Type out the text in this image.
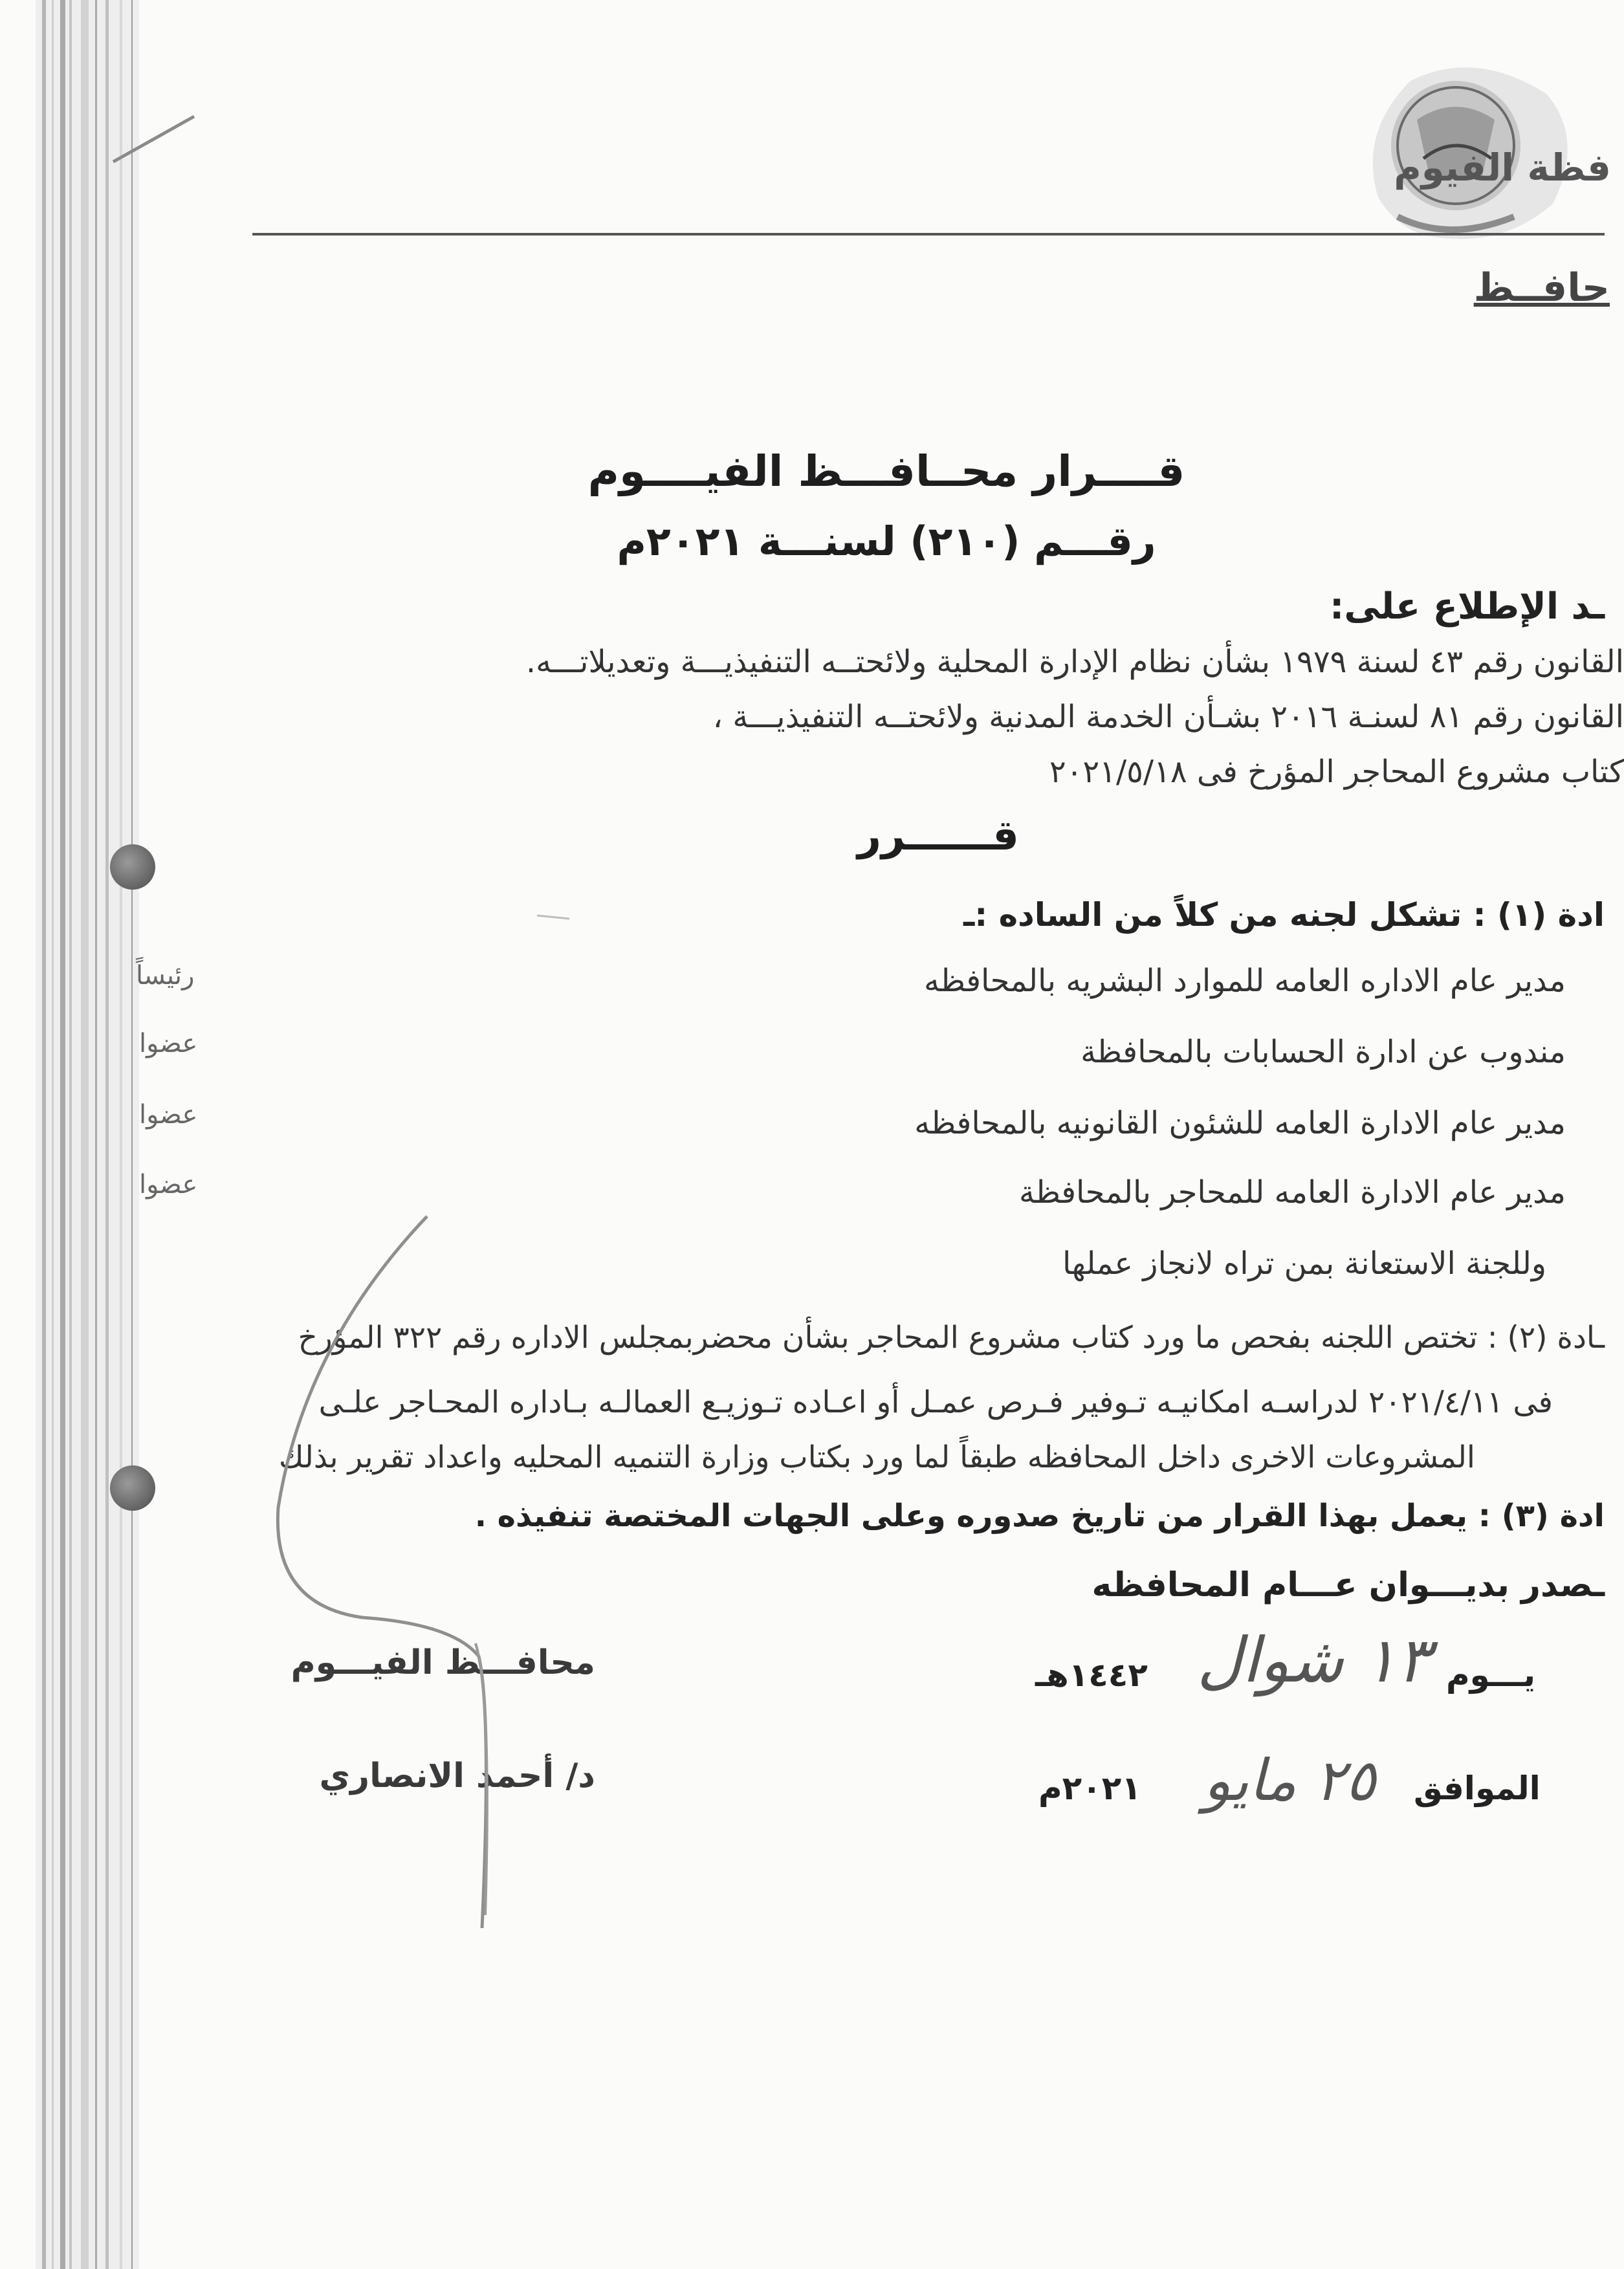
فظة الفيوم
حافــظ
قــــرار محــافـــظ الفيــــوم
رقـــم (٢١٠) لسنـــة ٢٠٢١م
ـد الإطلاع على:
القانون رقم ٤٣ لسنة ١٩٧٩ بشأن نظام الإدارة المحلية ولائحتــه التنفيذيـــة وتعديلاتـــه.
القانون رقم ٨١ لسنـة ٢٠١٦ بشـأن الخدمة المدنية ولائحتــه التنفيذيـــة ،
كتاب مشروع المحاجر المؤرخ فى ٢٠٢١/٥/١٨
قــــــرر
ادة (١) : تشكل لجنه من كلاً من الساده :ـ
مدير عام الاداره العامه للموارد البشريه بالمحافظه
رئيساً
مندوب عن ادارة الحسابات بالمحافظة
عضوا
مدير عام الادارة العامه للشئون القانونيه بالمحافظه
عضوا
مدير عام الادارة العامه للمحاجر بالمحافظة
عضوا
وللجنة الاستعانة بمن تراه لانجاز عملها
ـادة (٢) : تختص اللجنه بفحص ما ورد كتاب مشروع المحاجر بشأن محضربمجلس الاداره رقم ٣٢٢ المؤرخ
فى ٢٠٢١/٤/١١ لدراسـه امكانيـه تـوفير فـرص عمـل أو اعـاده تـوزيـع العمالـه بـاداره المحـاجر علـى
المشروعات الاخرى داخل المحافظه طبقاً لما ورد بكتاب وزارة التنميه المحليه واعداد تقرير بذلك
ادة (٣) : يعمل بهذا القرار من تاريخ صدوره وعلى الجهات المختصة تنفيذه .
ـصدر بديـــوان عـــام المحافظه
يـــوم
١٣ شوال
١٤٤٢هـ
الموافق
٢٥ مايو
٢٠٢١م
محافـــظ الفيـــوم
د/ أحمد الانصاري
